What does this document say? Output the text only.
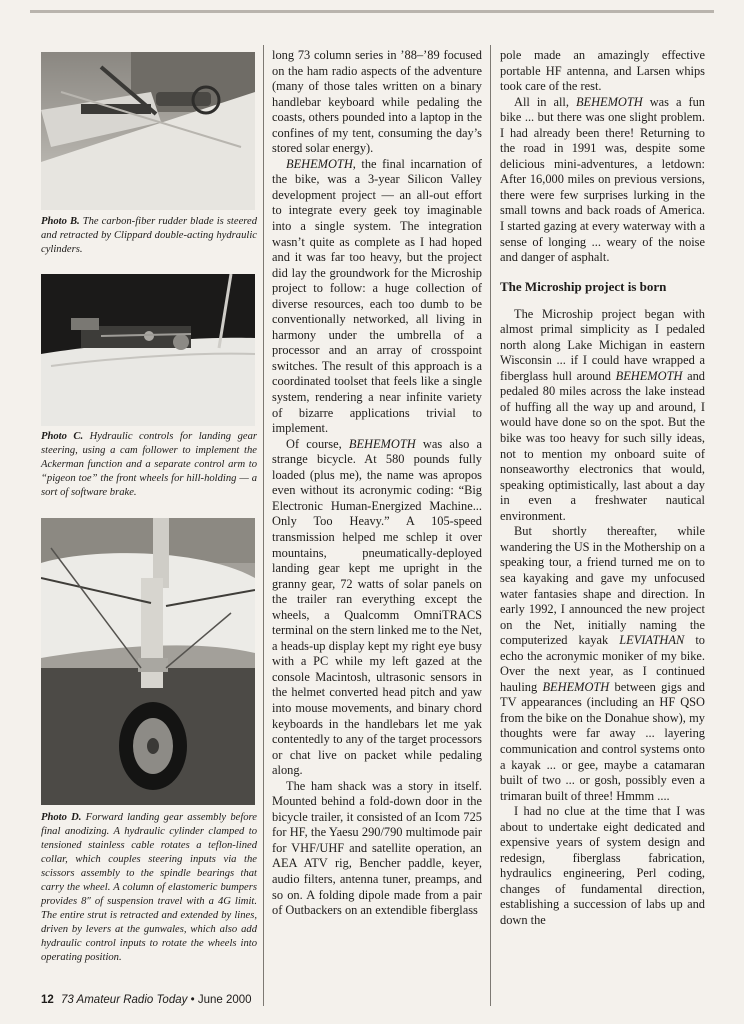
Photo B. The carbon-fiber rudder blade is steered and retracted by Clippard double-acting hydraulic cylinders.

Photo C. Hydraulic controls for landing gear steering, using a cam follower to implement the Ackerman function and a separate control arm to “pigeon toe” the front wheels for hill-holding — a sort of software brake.

Photo D. Forward landing gear assembly before final anodizing. A hydraulic cylinder clamped to tensioned stainless cable rotates a teflon-lined collar, which couples steering inputs via the scissors assembly to the spindle bearings that carry the wheel. A column of elastomeric bumpers provides 8″ of suspension travel with a 4G limit. The entire strut is retracted and extended by lines, driven by levers at the gunwales, which also add hydraulic control inputs to rotate the wheels into operating position.

long 73 column series in ’88–’89 focused on the ham radio aspects of the adventure (many of those tales written on a binary handlebar keyboard while pedaling the coasts, others pounded into a laptop in the confines of my tent, consuming the day’s stored solar energy).

BEHEMOTH, the final incarnation of the bike, was a 3-year Silicon Valley development project — an all-out effort to integrate every geek toy imaginable into a single system. The integration wasn’t quite as complete as I had hoped and it was far too heavy, but the project did lay the groundwork for the Microship project to follow: a huge collection of diverse resources, each too dumb to be conventionally networked, all living in harmony under the umbrella of a processor and an array of crosspoint switches. The result of this approach is a coordinated toolset that feels like a single system, rendering a near infinite variety of bizarre applications trivial to implement.

Of course, BEHEMOTH was also a strange bicycle. At 580 pounds fully loaded (plus me), the name was apropos even without its acronymic coding: “Big Electronic Human-Energized Machine... Only Too Heavy.” A 105-speed transmission helped me schlep it over mountains, pneumatically-deployed landing gear kept me upright in the granny gear, 72 watts of solar panels on the trailer ran everything except the wheels, a Qualcomm OmniTRACS terminal on the stern linked me to the Net, a heads-up display kept my right eye busy with a PC while my left gazed at the console Macintosh, ultrasonic sensors in the helmet converted head pitch and yaw into mouse movements, and binary chord keyboards in the handlebars let me yak contentedly to any of the target processors or chat live on packet while pedaling along.

The ham shack was a story in itself. Mounted behind a fold-down door in the bicycle trailer, it consisted of an Icom 725 for HF, the Yaesu 290/790 multimode pair for VHF/UHF and satellite operation, an AEA ATV rig, Bencher paddle, keyer, audio filters, antenna tuner, preamps, and so on. A folding dipole made from a pair of Outbackers on an extendible fiberglass

pole made an amazingly effective portable HF antenna, and Larsen whips took care of the rest.

All in all, BEHEMOTH was a fun bike ... but there was one slight problem. I had already been there! Returning to the road in 1991 was, despite some delicious mini-adventures, a letdown: After 16,000 miles on previous versions, there were few surprises lurking in the small towns and back roads of America. I started gazing at every waterway with a sense of longing ... weary of the noise and danger of asphalt.

The Microship project is born

The Microship project began with almost primal simplicity as I pedaled north along Lake Michigan in eastern Wisconsin ... if I could have wrapped a fiberglass hull around BEHEMOTH and pedaled 80 miles across the lake instead of huffing all the way up and around, I would have done so on the spot. But the bike was too heavy for such silly ideas, not to mention my onboard suite of nonseaworthy electronics that would, speaking optimistically, last about a day in even a freshwater nautical environment.

But shortly thereafter, while wandering the US in the Mothership on a speaking tour, a friend turned me on to sea kayaking and gave my unfocused water fantasies shape and direction. In early 1992, I announced the new project on the Net, initially naming the computerized kayak LEVIATHAN to echo the acronymic moniker of my bike. Over the next year, as I continued hauling BEHEMOTH between gigs and TV appearances (including an HF QSO from the bike on the Donahue show), my thoughts were far away ... layering communication and control systems onto a kayak ... or gee, maybe a catamaran built of two ... or gosh, possibly even a trimaran built of three! Hmmm ....

I had no clue at the time that I was about to undertake eight dedicated and expensive years of system design and redesign, fiberglass fabrication, hydraulics engineering, Perl coding, changes of fundamental direction, establishing a succession of labs up and down the

12 73 Amateur Radio Today • June 2000
